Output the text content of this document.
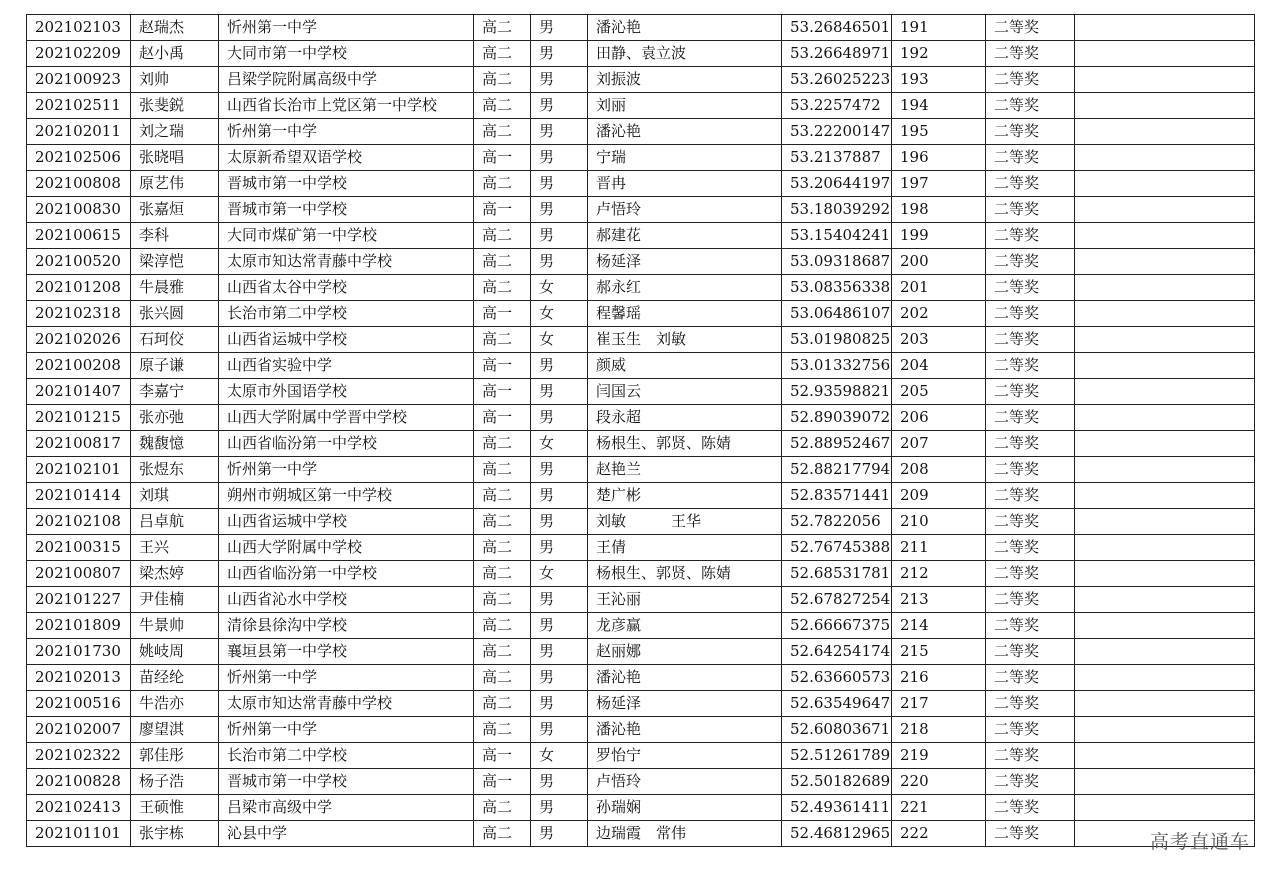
202102103	赵瑞杰	忻州第一中学	高二	男	潘沁艳	53.26846501	191	二等奖	
202102209	赵小禹	大同市第一中学校	高二	男	田静、袁立波	53.26648971	192	二等奖	
202100923	刘帅	吕梁学院附属高级中学	高二	男	刘振波	53.26025223	193	二等奖	
202102511	张斐鋭	山西省长治市上党区第一中学校	高二	男	刘丽	53.2257472	194	二等奖	
202102011	刘之瑞	忻州第一中学	高二	男	潘沁艳	53.22200147	195	二等奖	
202102506	张晓唱	太原新希望双语学校	高一	男	宁瑞	53.2137887	196	二等奖	
202100808	原艺伟	晋城市第一中学校	高二	男	晋冉	53.20644197	197	二等奖	
202100830	张嘉烜	晋城市第一中学校	高一	男	卢悟玲	53.18039292	198	二等奖	
202100615	李科	大同市煤矿第一中学校	高二	男	郝建花	53.15404241	199	二等奖	
202100520	梁淳恺	太原市知达常青藤中学校	高二	男	杨延泽	53.09318687	200	二等奖	
202101208	牛晨雅	山西省太谷中学校	高二	女	郝永红	53.08356338	201	二等奖	
202102318	张兴圆	长治市第二中学校	高一	女	程馨瑶	53.06486107	202	二等奖	
202102026	石珂佼	山西省运城中学校	高二	女	崔玉生　刘敏	53.01980825	203	二等奖	
202100208	原子谦	山西省实验中学	高一	男	颜威	53.01332756	204	二等奖	
202101407	李嘉宁	太原市外国语学校	高一	男	闫国云	52.93598821	205	二等奖	
202101215	张亦弛	山西大学附属中学晋中学校	高一	男	段永超	52.89039072	206	二等奖	
202100817	魏馥憶	山西省临汾第一中学校	高二	女	杨根生、郭贤、陈婧	52.88952467	207	二等奖	
202102101	张煜东	忻州第一中学	高二	男	赵艳兰	52.88217794	208	二等奖	
202101414	刘琪	朔州市朔城区第一中学校	高二	男	楚广彬	52.83571441	209	二等奖	
202102108	吕卓航	山西省运城中学校	高二	男	刘敏　　　王华	52.7822056	210	二等奖	
202100315	王兴	山西大学附属中学校	高二	男	王倩	52.76745388	211	二等奖	
202100807	梁杰婷	山西省临汾第一中学校	高二	女	杨根生、郭贤、陈婧	52.68531781	212	二等奖	
202101227	尹佳楠	山西省沁水中学校	高二	男	王沁丽	52.67827254	213	二等奖	
202101809	牛景帅	清徐县徐沟中学校	高二	男	龙彦赢	52.66667375	214	二等奖	
202101730	姚岐周	襄垣县第一中学校	高二	男	赵丽娜	52.64254174	215	二等奖	
202102013	苗经纶	忻州第一中学	高二	男	潘沁艳	52.63660573	216	二等奖	
202100516	牛浩亦	太原市知达常青藤中学校	高二	男	杨延泽	52.63549647	217	二等奖	
202102007	廖望淇	忻州第一中学	高二	男	潘沁艳	52.60803671	218	二等奖	
202102322	郭佳彤	长治市第二中学校	高一	女	罗怡宁	52.51261789	219	二等奖	
202100828	杨子浩	晋城市第一中学校	高一	男	卢悟玲	52.50182689	220	二等奖	
202102413	王硕惟	吕梁市高级中学	高二	男	孙瑞娴	52.49361411	221	二等奖	
202101101	张宇栋	沁县中学	高二	男	边瑞霞　常伟	52.46812965	222	二等奖		高考直通车
